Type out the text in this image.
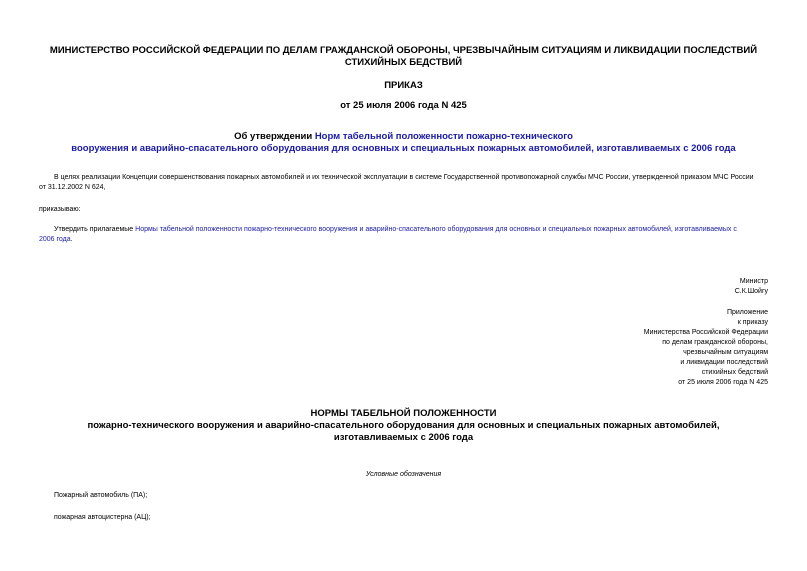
МИНИСТЕРСТВО РОССИЙСКОЙ ФЕДЕРАЦИИ ПО ДЕЛАМ ГРАЖДАНСКОЙ ОБОРОНЫ, ЧРЕЗВЫЧАЙНЫМ СИТУАЦИЯМ И ЛИКВИДАЦИИ ПОСЛЕДСТВИЙ
СТИХИЙНЫХ БЕДСТВИЙ
ПРИКАЗ
от 25 июля 2006 года N 425
Об утверждении Норм табельной положенности пожарно-технического
вооружения и аварийно-спасательного оборудования для основных и специальных пожарных автомобилей, изготавливаемых с 2006 года
В целях реализации Концепции совершенствования пожарных автомобилей и их технической эксплуатации в системе Государственной противопожарной службы МЧС России, утвержденной приказом МЧС России
от 31.12.2002 N 624,
приказываю:
Утвердить прилагаемые Нормы табельной положенности пожарно-технического вооружения и аварийно-спасательного оборудования для основных и специальных пожарных автомобилей, изготавливаемых с
2006 года.
Министр
С.К.Шойгу
Приложение
к приказу
Министерства Российской Федерации
по делам гражданской обороны,
чрезвычайным ситуациям
и ликвидации последствий
стихийных бедствий
от 25 июля 2006 года N 425
НОРМЫ ТАБЕЛЬНОЙ ПОЛОЖЕННОСТИ
пожарно-технического вооружения и аварийно-спасательного оборудования для основных и специальных пожарных автомобилей,
изготавливаемых с 2006 года
Условные обозначения
Пожарный автомобиль (ПА);
пожарная автоцистерна (АЦ);
